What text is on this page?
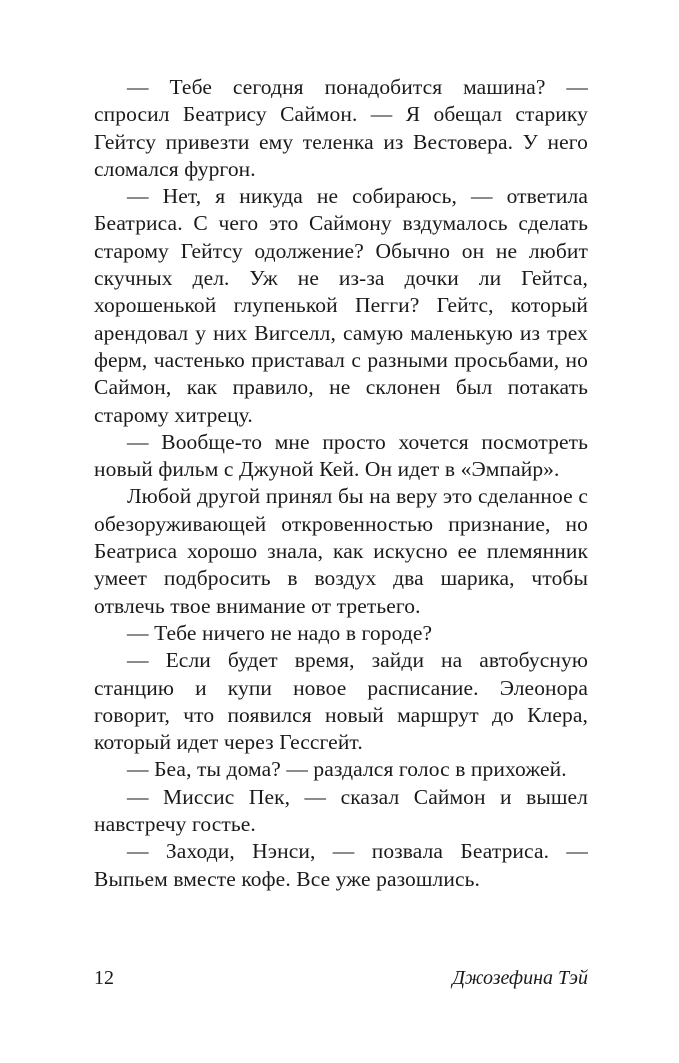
— Тебе сегодня понадобится машина? — спросил Беатрису Саймон. — Я обещал старику Гейтсу привезти ему теленка из Вестовера. У него сломался фургон.

— Нет, я никуда не собираюсь, — ответила Беатриса. С чего это Саймону вздумалось сделать старому Гейтсу одолжение? Обычно он не любит скучных дел. Уж не из-за дочки ли Гейтса, хорошенькой глупенькой Пегги? Гейтс, который арендовал у них Вигселл, самую маленькую из трех ферм, частенько приставал с разными просьбами, но Саймон, как правило, не склонен был потакать старому хитрецу.

— Вообще-то мне просто хочется посмотреть новый фильм с Джуной Кей. Он идет в «Эмпайр».

Любой другой принял бы на веру это сделанное с обезоруживающей откровенностью признание, но Беатриса хорошо знала, как искусно ее племянник умеет подбросить в воздух два шарика, чтобы отвлечь твое внимание от третьего.

— Тебе ничего не надо в городе?

— Если будет время, зайди на автобусную станцию и купи новое расписание. Элеонора говорит, что появился новый маршрут до Клера, который идет через Гессгейт.

— Беа, ты дома? — раздался голос в прихожей.

— Миссис Пек, — сказал Саймон и вышел навстречу гостье.

— Заходи, Нэнси, — позвала Беатриса. — Выпьем вместе кофе. Все уже разошлись.

12	Джозефина Тэй
